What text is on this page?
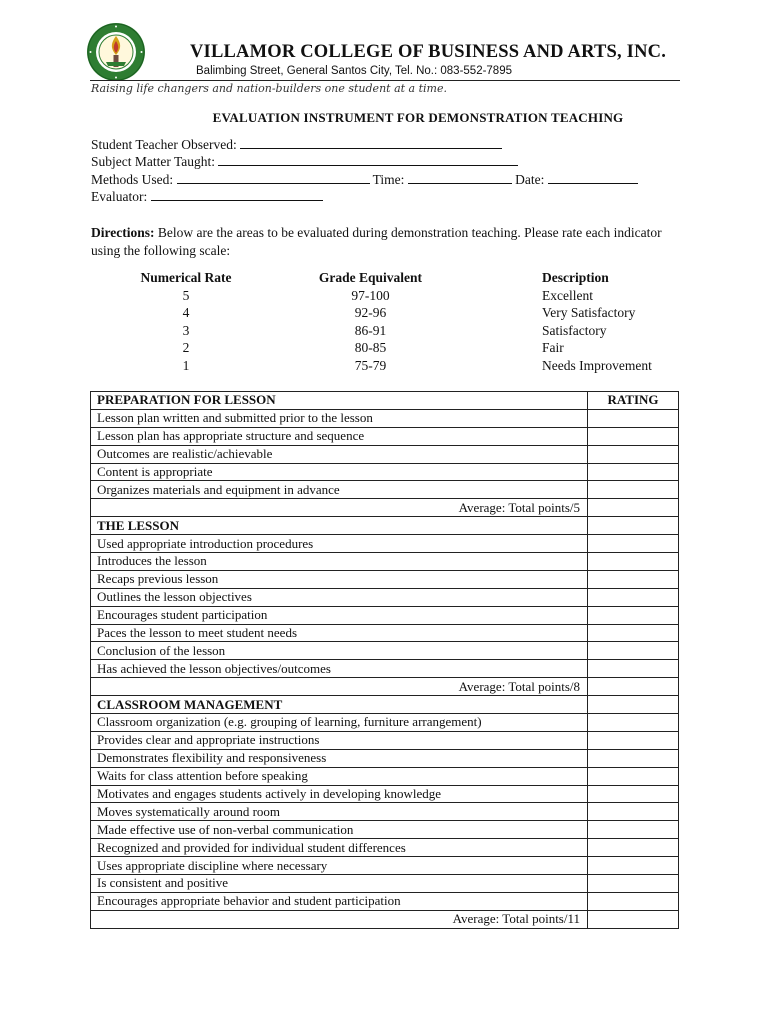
VILLAMOR COLLEGE OF BUSINESS AND ARTS, INC.
Balimbing Street, General Santos City, Tel. No.: 083-552-7895
Raising life changers and nation-builders one student at a time.
EVALUATION INSTRUMENT FOR DEMONSTRATION TEACHING
Student Teacher Observed:
Subject Matter Taught:
Methods Used:	Time:	Date:
Evaluator:
Directions: Below are the areas to be evaluated during demonstration teaching. Please rate each indicator using the following scale:
Numerical Rate	Grade Equivalent	Description
5	97-100	Excellent
4	92-96	Very Satisfactory
3	86-91	Satisfactory
2	80-85	Fair
1	75-79	Needs Improvement
PREPARATION FOR LESSON	RATING
Lesson plan written and submitted prior to the lesson	
Lesson plan has appropriate structure and sequence	
Outcomes are realistic/achievable	
Content is appropriate	
Organizes materials and equipment in advance	
Average: Total points/5	
THE LESSON	
Used appropriate introduction procedures	
Introduces the lesson	
Recaps previous lesson	
Outlines the lesson objectives	
Encourages student participation	
Paces the lesson to meet student needs	
Conclusion of the lesson	
Has achieved the lesson objectives/outcomes	
Average: Total points/8	
CLASSROOM MANAGEMENT	
Classroom organization (e.g. grouping of learning, furniture arrangement)	
Provides clear and appropriate instructions	
Demonstrates flexibility and responsiveness	
Waits for class attention before speaking	
Motivates and engages students actively in developing knowledge	
Moves systematically around room	
Made effective use of non-verbal communication	
Recognized and provided for individual student differences	
Uses appropriate discipline where necessary	
Is consistent and positive	
Encourages appropriate behavior and student participation	
Average: Total points/11	
